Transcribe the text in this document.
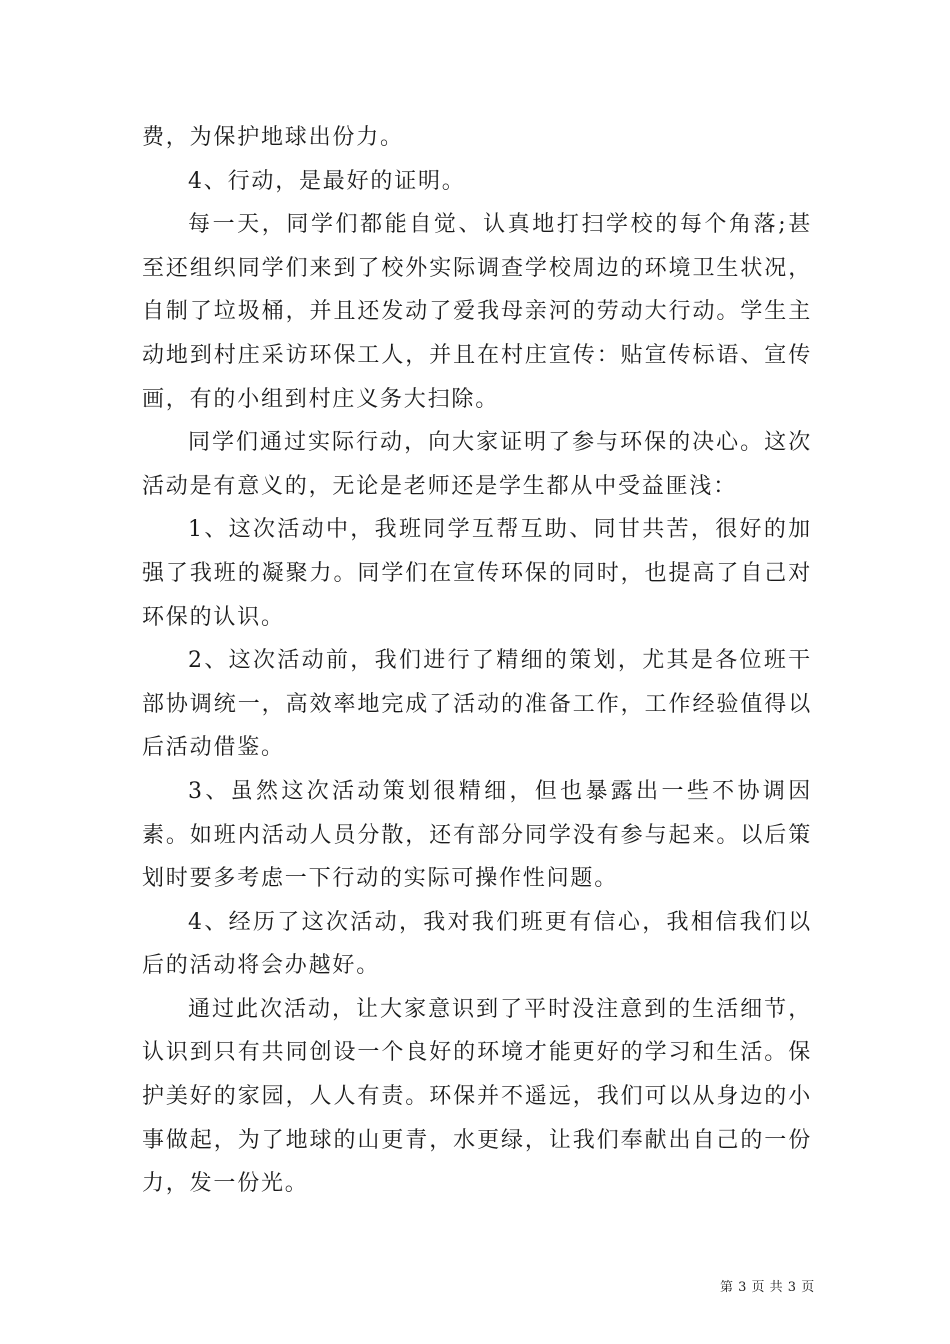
费，为保护地球出份力。

4、行动，是最好的证明。

每一天，同学们都能自觉、认真地打扫学校的每个角落;甚至还组织同学们来到了校外实际调查学校周边的环境卫生状况，自制了垃圾桶，并且还发动了爱我母亲河的劳动大行动。学生主动地到村庄采访环保工人，并且在村庄宣传：贴宣传标语、宣传画，有的小组到村庄义务大扫除。

同学们通过实际行动，向大家证明了参与环保的决心。这次活动是有意义的，无论是老师还是学生都从中受益匪浅：

1、这次活动中，我班同学互帮互助、同甘共苦，很好的加强了我班的凝聚力。同学们在宣传环保的同时，也提高了自己对环保的认识。

2、这次活动前，我们进行了精细的策划，尤其是各位班干部协调统一，高效率地完成了活动的准备工作，工作经验值得以后活动借鉴。

3、虽然这次活动策划很精细，但也暴露出一些不协调因素。如班内活动人员分散，还有部分同学没有参与起来。以后策划时要多考虑一下行动的实际可操作性问题。

4、经历了这次活动，我对我们班更有信心，我相信我们以后的活动将会办越好。

通过此次活动，让大家意识到了平时没注意到的生活细节，认识到只有共同创设一个良好的环境才能更好的学习和生活。保护美好的家园，人人有责。环保并不遥远，我们可以从身边的小事做起，为了地球的山更青，水更绿，让我们奉献出自己的一份力，发一份光。

第 3 页 共 3 页
